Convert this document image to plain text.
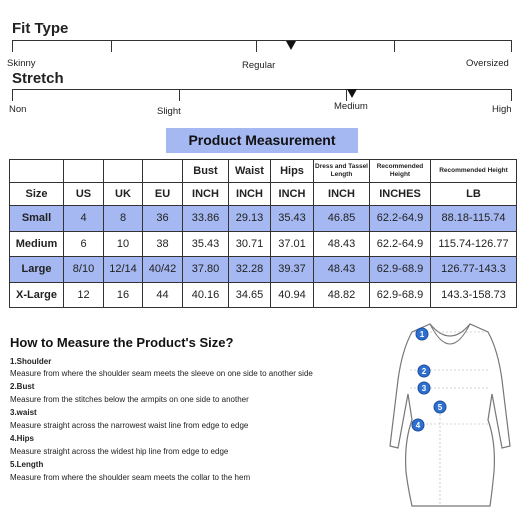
Fit Type
Skinny	Regular	Oversized
Stretch
Non	Slight	Medium	High
Product Measurement
				Bust	Waist	Hips	Dress and Tassel Length	Recommended Height	Recommended Height
Size	US	UK	EU	INCH	INCH	INCH	INCH	INCHES	LB
Small	4	8	36	33.86	29.13	35.43	46.85	62.2-64.9	88.18-115.74
Medium	6	10	38	35.43	30.71	37.01	48.43	62.2-64.9	115.74-126.77
Large	8/10	12/14	40/42	37.80	32.28	39.37	48.43	62.9-68.9	126.77-143.3
X-Large	12	16	44	40.16	34.65	40.94	48.82	62.9-68.9	143.3-158.73
How to Measure the Product's Size?
1.Shoulder
Measure from where the shoulder seam meets the sleeve on one side to another side
2.Bust
Measure from the stitches below the armpits on one side to another
3.waist
Measure straight across the narrowest waist line from edge to edge
4.Hips
Measure straight across the widest hip line from edge to edge
5.Length
Measure from where the shoulder seam meets the collar to the hem
1
2
3
5
4
